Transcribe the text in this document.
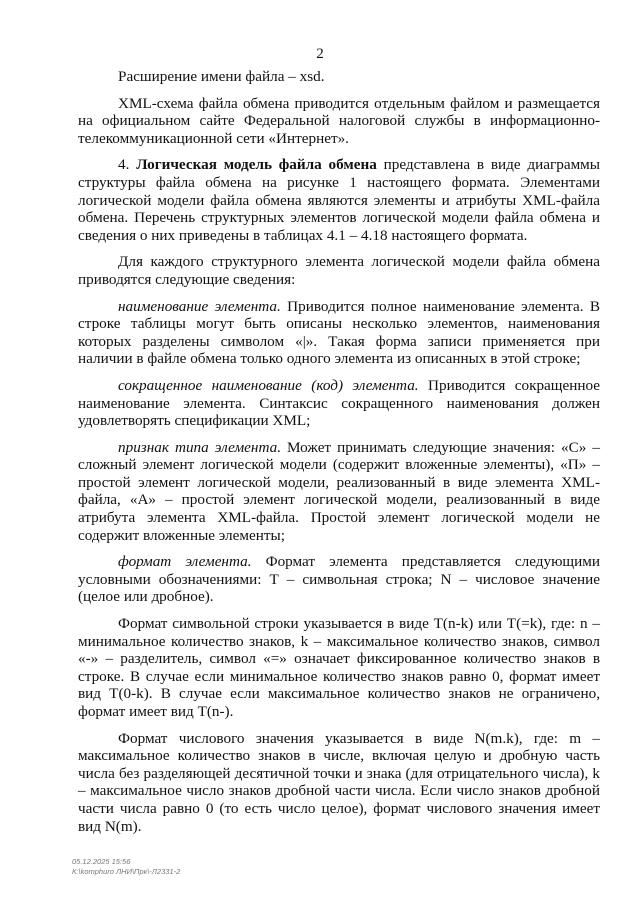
2

Расширение имени файла – xsd.

XML-схема файла обмена приводится отдельным файлом и размещается на официальном сайте Федеральной налоговой службы в информационно-телекоммуникационной сети «Интернет».

4. Логическая модель файла обмена представлена в виде диаграммы структуры файла обмена на рисунке 1 настоящего формата. Элементами логической модели файла обмена являются элементы и атрибуты XML-файла обмена. Перечень структурных элементов логической модели файла обмена и сведения о них приведены в таблицах 4.1 – 4.18 настоящего формата.

Для каждого структурного элемента логической модели файла обмена приводятся следующие сведения:

наименование элемента. Приводится полное наименование элемента. В строке таблицы могут быть описаны несколько элементов, наименования которых разделены символом «|». Такая форма записи применяется при наличии в файле обмена только одного элемента из описанных в этой строке;

сокращенное наименование (код) элемента. Приводится сокращенное наименование элемента. Синтаксис сокращенного наименования должен удовлетворять спецификации XML;

признак типа элемента. Может принимать следующие значения: «С» – сложный элемент логической модели (содержит вложенные элементы), «П» – простой элемент логической модели, реализованный в виде элемента XML-файла, «А» – простой элемент логической модели, реализованный в виде атрибута элемента XML-файла. Простой элемент логической модели не содержит вложенные элементы;

формат элемента. Формат элемента представляется следующими условными обозначениями: Т – символьная строка; N – числовое значение (целое или дробное).

Формат символьной строки указывается в виде Т(n-k) или Т(=k), где: n – минимальное количество знаков, k – максимальное количество знаков, символ «-» – разделитель, символ «=» означает фиксированное количество знаков в строке. В случае если минимальное количество знаков равно 0, формат имеет вид Т(0-k). В случае если максимальное количество знаков не ограничено, формат имеет вид Т(n-).

Формат числового значения указывается в виде N(m.k), где: m – максимальное количество знаков в числе, включая целую и дробную часть числа без разделяющей десятичной точки и знака (для отрицательного числа), k – максимальное число знаков дробной части числа. Если число знаков дробной части числа равно 0 (то есть число целое), формат числового значения имеет вид N(m).

05.12.2025 15:56
К:\komphuro ЛНИ\Прк\-Л2331-2
